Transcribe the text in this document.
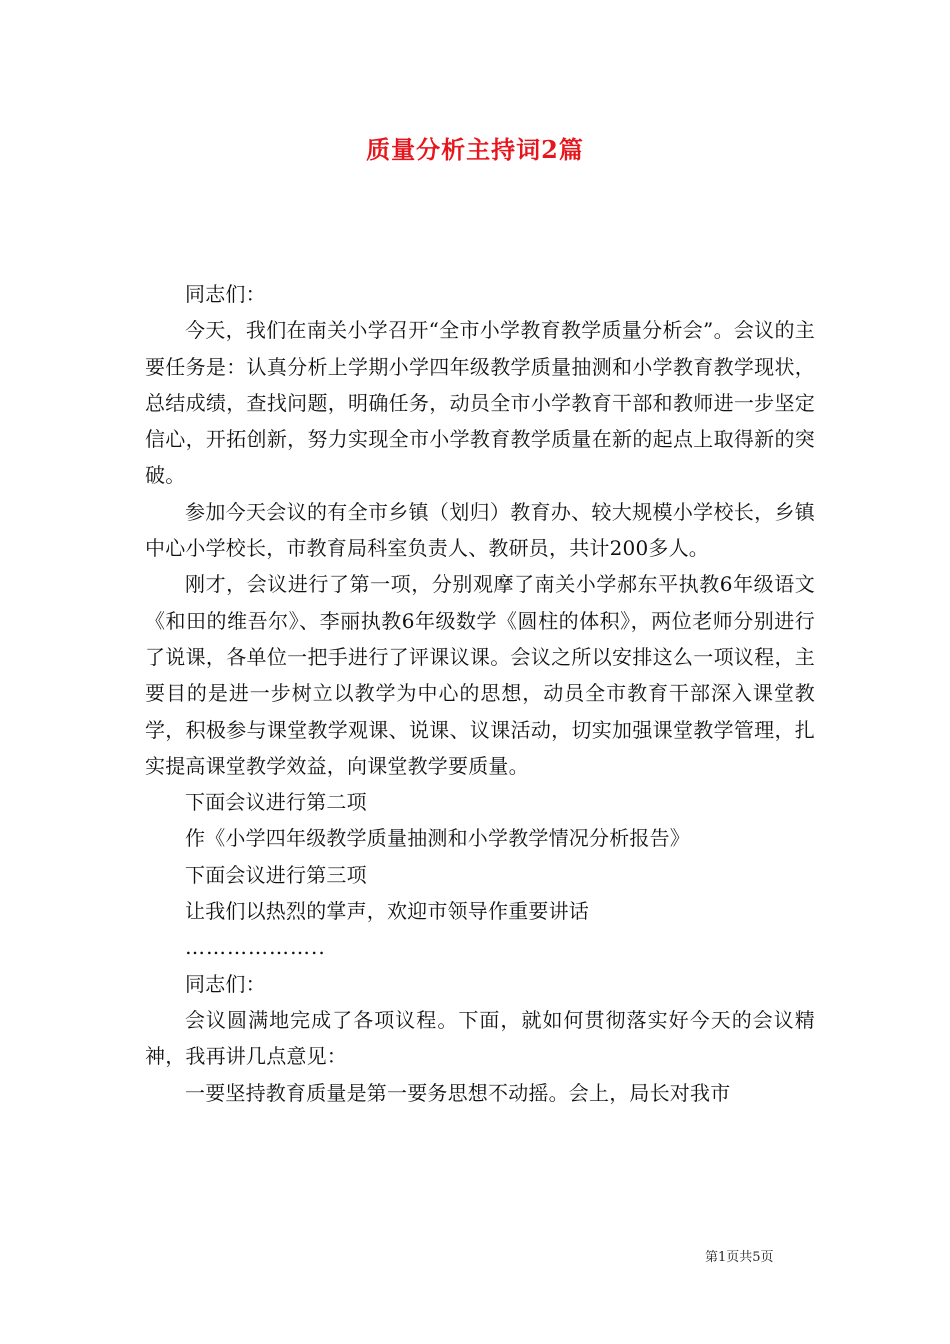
质量分析主持词2篇

同志们：

今天，我们在南关小学召开“全市小学教育教学质量分析会”。会议的主要任务是：认真分析上学期小学四年级教学质量抽测和小学教育教学现状，总结成绩，查找问题，明确任务，动员全市小学教育干部和教师进一步坚定信心，开拓创新，努力实现全市小学教育教学质量在新的起点上取得新的突破。

参加今天会议的有全市乡镇（划归）教育办、较大规模小学校长，乡镇中心小学校长，市教育局科室负责人、教研员，共计200多人。

刚才，会议进行了第一项，分别观摩了南关小学郝东平执教6年级语文《和田的维吾尔》、李丽执教6年级数学《圆柱的体积》，两位老师分别进行了说课，各单位一把手进行了评课议课。会议之所以安排这么一项议程，主要目的是进一步树立以教学为中心的思想，动员全市教育干部深入课堂教学，积极参与课堂教学观课、说课、议课活动，切实加强课堂教学管理，扎实提高课堂教学效益，向课堂教学要质量。

下面会议进行第二项

作《小学四年级教学质量抽测和小学教学情况分析报告》

下面会议进行第三项

让我们以热烈的掌声，欢迎市领导作重要讲话

………………..

同志们：

会议圆满地完成了各项议程。下面，就如何贯彻落实好今天的会议精神，我再讲几点意见：

一要坚持教育质量是第一要务思想不动摇。会上，局长对我市

第1页共5页
